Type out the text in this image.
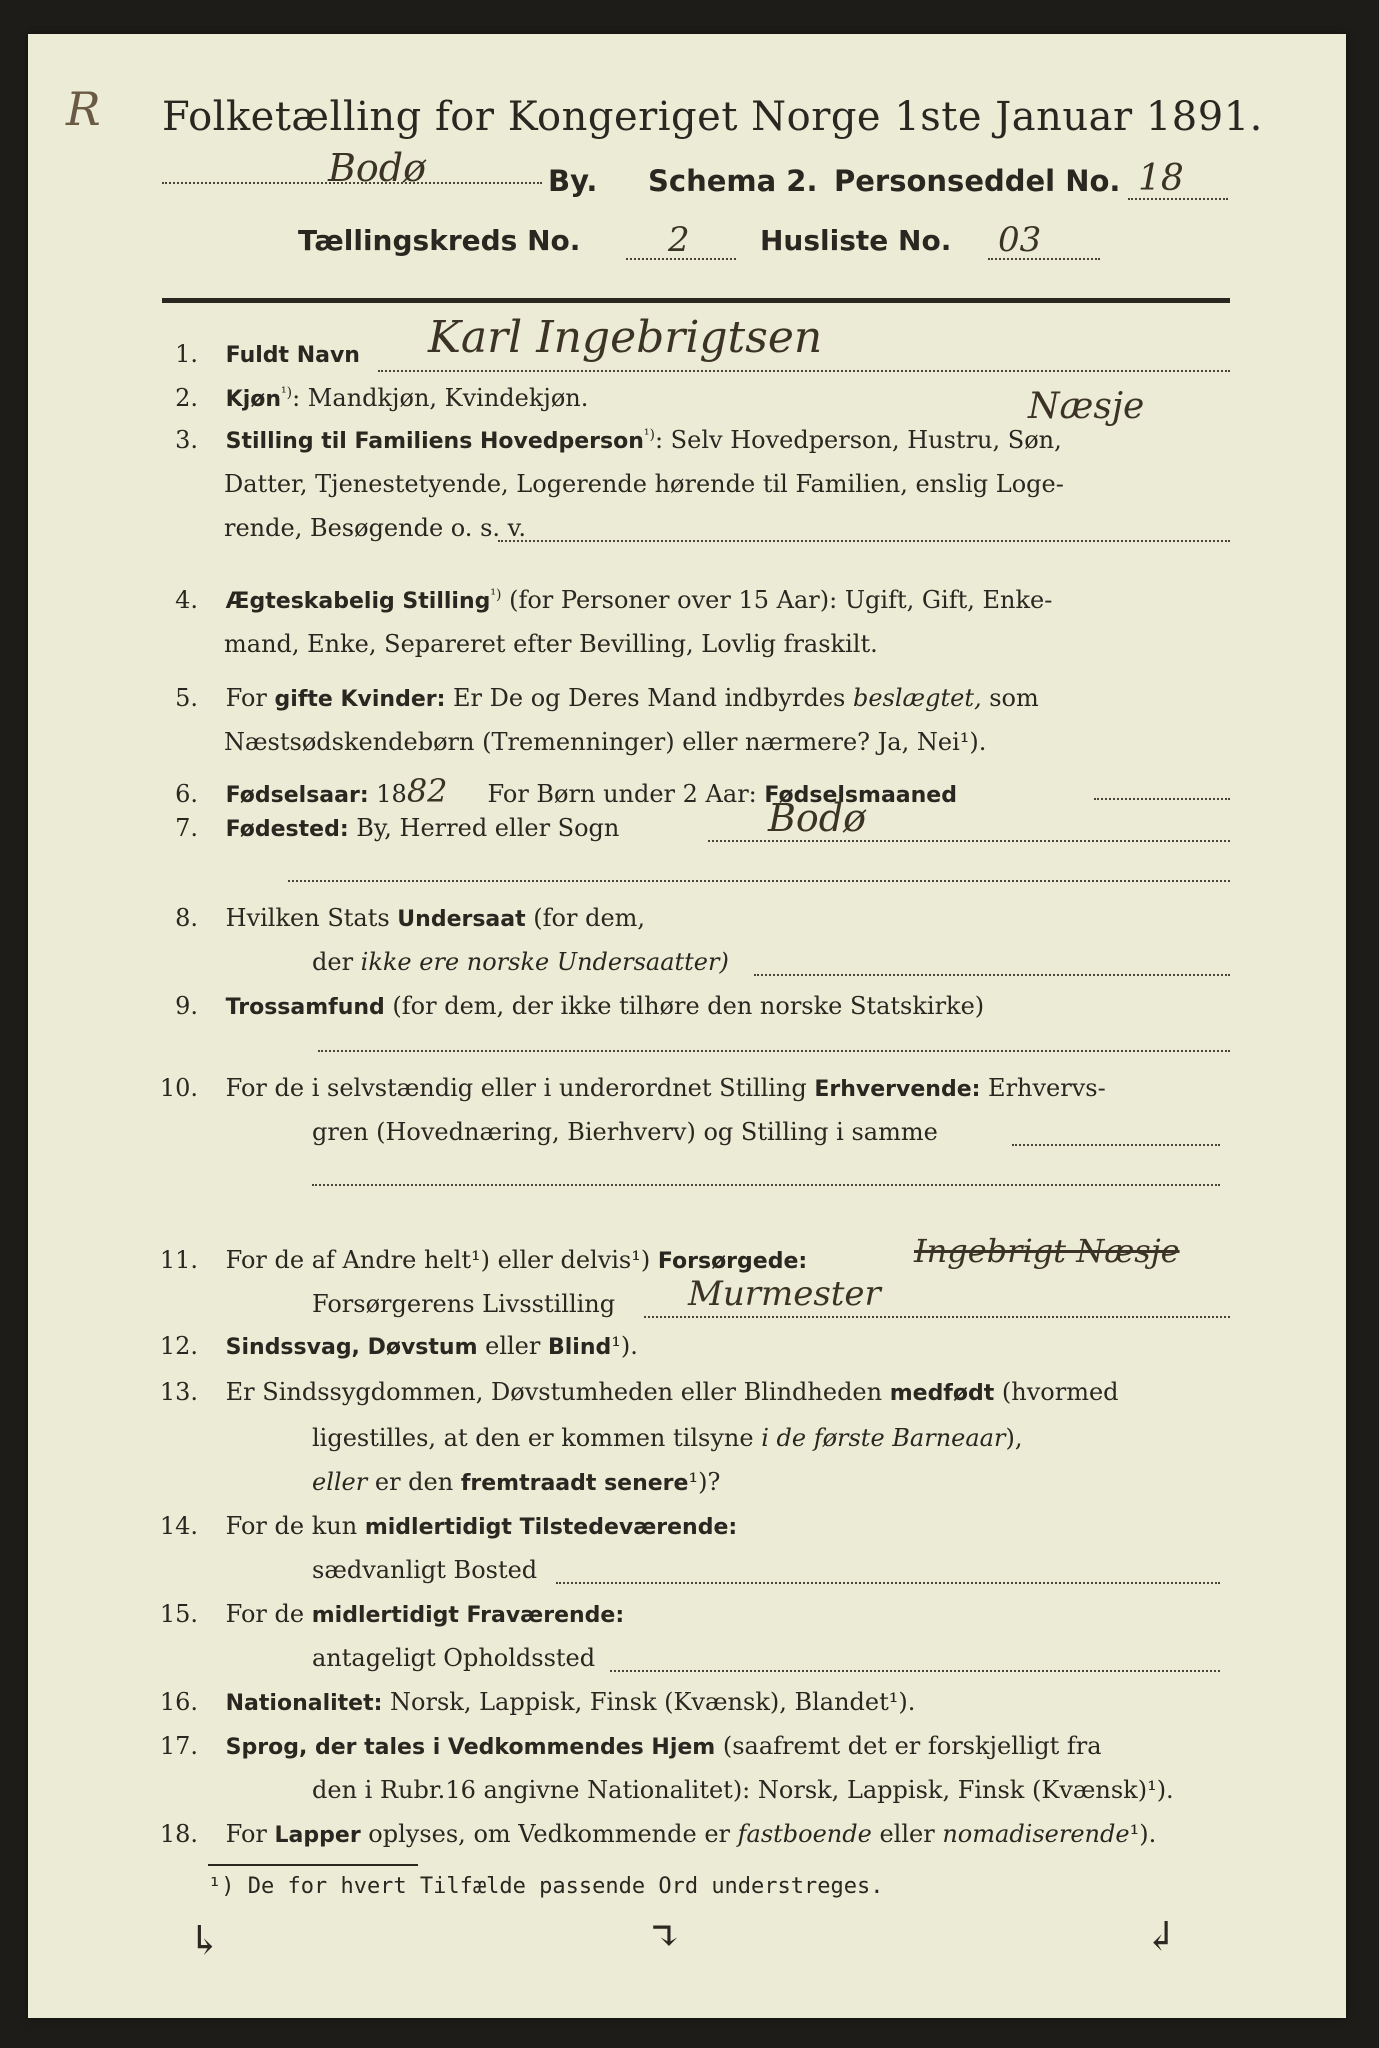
R Folketælling for Kongeriget Norge 1ste Januar 1891.
Bodø	By. Schema 2. Personseddel No. 18
Tællingskreds No.	2	Husliste No. 03
1. Fuldt Navn Karl Ingebrigtsen
Næsje
2. Kjøn$^{^1)}$: Mandkjøn, Kvindekjøn.
3. Stilling til Familiens Hovedperson$^{^1)}$: Selv Hovedperson, Hustru, Søn,
Datter, Tjenestetyende, Logerende hørende til Familien, enslig Loge-
rende, Besøgende o. s. v.
4. Ægteskabelig Stilling$^{^1)}$ (for Personer over 15 Aar): Ugift, Gift, Enke-
mand, Enke, Separeret efter Bevilling, Lovlig fraskilt.
5. For gifte Kvinder: Er De og Deres Mand indbyrdes beslægtet, som
Næstsødskendebørn (Tremenninger) eller nærmere? Ja, Nei¹).
6. Fødselsaar: 1882 For Børn under 2 Aar: Fødselsmaaned
7. Fødested: By, Herred eller Sogn	Bodø
8. Hvilken Stats Undersaat (for dem,
der ikke ere norske Undersaatter)
9. Trossamfund (for dem, der ikke tilhøre den norske Statskirke)
10. For de i selvstændig eller i underordnet Stilling Erhvervende: Erhvervs-
gren (Hovednæring, Bierhverv) og Stilling i samme
11. For de af Andre helt¹) eller delvis¹) Forsørgede:	Ingebrigt Næsje
Forsørgerens Livsstilling Murmester
12. Sindssvag, Døvstum eller Blind¹).
13. Er Sindssygdommen, Døvstumheden eller Blindheden medfødt (hvormed
ligestilles, at den er kommen tilsyne i de første Barneaar),
eller er den fremtraadt senere¹)?
14. For de kun midlertidigt Tilstedeværende:
sædvanligt Bosted
15. For de midlertidigt Fraværende:
antageligt Opholdssted
16. Nationalitet: Norsk, Lappisk, Finsk (Kvænsk), Blandet¹).
17. Sprog, der tales i Vedkommendes Hjem (saafremt det er forskjelligt fra
den i Rubr.16 angivne Nationalitet): Norsk, Lappisk, Finsk (Kvænsk)¹).
18. For Lapper oplyses, om Vedkommende er fastboende eller nomadiserende¹).
¹) De for hvert Tilfælde passende Ord understreges.
↳	↴	↲
